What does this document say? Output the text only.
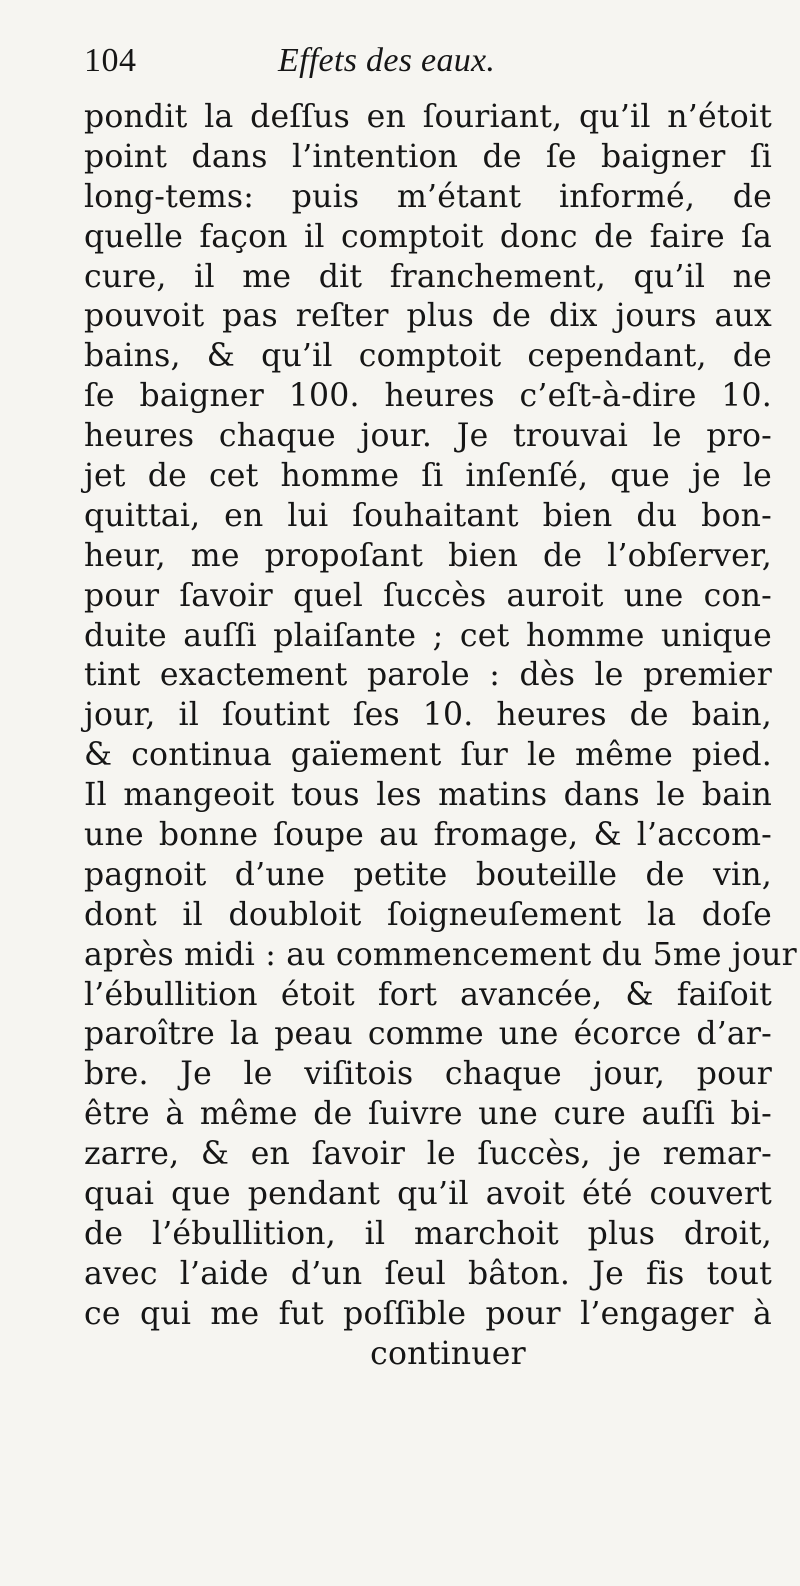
104	Effets des eaux.
pondit la deſſus en ſouriant, qu’il n’étoit
point dans l’intention de ſe baigner ſi
long-tems: puis m’étant informé, de
quelle façon il comptoit donc de faire ſa
cure, il me dit franchement, qu’il ne
pouvoit pas reſter plus de dix jours aux
bains, & qu’il comptoit cependant, de
ſe baigner 100. heures c’eſt-à-dire 10.
heures chaque jour. Je trouvai le pro-
jet de cet homme ſi inſenſé, que je le
quittai, en lui ſouhaitant bien du bon-
heur, me propoſant bien de l’obſerver,
pour ſavoir quel ſuccès auroit une con-
duite auſſi plaiſante ; cet homme unique
tint exactement parole : dès le premier
jour, il ſoutint ſes 10. heures de bain,
& continua gaïement ſur le même pied.
Il mangeoit tous les matins dans le bain
une bonne ſoupe au fromage, & l’accom-
pagnoit d’une petite bouteille de vin,
dont il doubloit ſoigneuſement la doſe
après midi : au commencement du 5me jour
l’ébullition étoit fort avancée, & faiſoit
paroître la peau comme une écorce d’ar-
bre. Je le viſitois chaque jour, pour
être à même de ſuivre une cure auſſi bi-
zarre, & en ſavoir le ſuccès, je remar-
quai que pendant qu’il avoit été couvert
de l’ébullition, il marchoit plus droit,
avec l’aide d’un ſeul bâton. Je fis tout
ce qui me fut poſſible pour l’engager à
continuer
